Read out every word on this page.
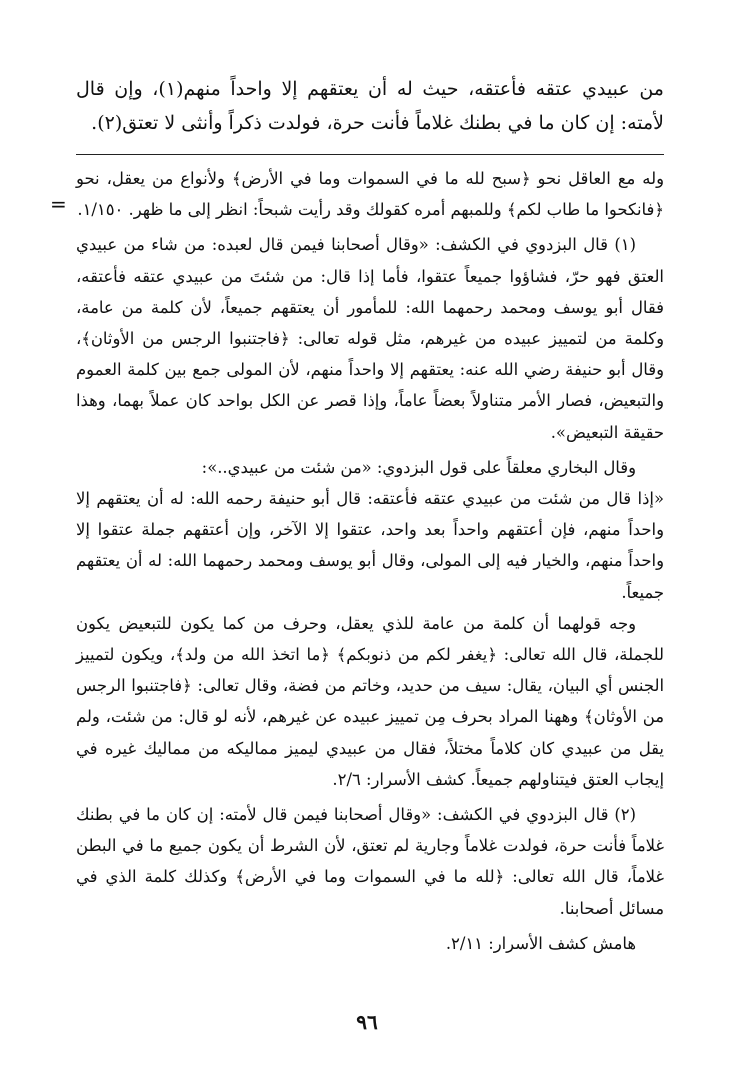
من عبيدي عتقه فأعتقه، حيث له أن يعتقهم إلا واحداً منهم(١)، وإن قال لأمته: إن كان ما في بطنك غلاماً فأنت حرة، فولدت ذكراً وأنثى لا تعتق(٢).

=

وله مع العاقل نحو ﴿سبح لله ما في السموات وما في الأرض﴾ ولأنواع من يعقل، نحو ﴿فانكحوا ما طاب لكم﴾ وللمبهم أمره كقولك وقد رأيت شبحاً: انظر إلى ما ظهر. ١/١٥٠.

(١) قال البزدوي في الكشف: «وقال أصحابنا فيمن قال لعبده: من شاء من عبيدي العتق فهو حرّ، فشاؤوا جميعاً عتقوا، فأما إذا قال: من شئتَ من عبيدي عتقه فأعتقه، فقال أبو يوسف ومحمد رحمهما الله: للمأمور أن يعتقهم جميعاً، لأن كلمة من عامة، وكلمة من لتمييز عبيده من غيرهم، مثل قوله تعالى: ﴿فاجتنبوا الرجس من الأوثان﴾، وقال أبو حنيفة رضي الله عنه: يعتقهم إلا واحداً منهم، لأن المولى جمع بين كلمة العموم والتبعيض، فصار الأمر متناولاً بعضاً عاماً، وإذا قصر عن الكل بواحد كان عملاً بهما، وهذا حقيقة التبعيض».

وقال البخاري معلقاً على قول البزدوي: «من شئت من عبيدي..»:

«إذا قال من شئت من عبيدي عتقه فأعتقه: قال أبو حنيفة رحمه الله: له أن يعتقهم إلا واحداً منهم، فإن أعتقهم واحداً بعد واحد، عتقوا إلا الآخر، وإن أعتقهم جملة عتقوا إلا واحداً منهم، والخيار فيه إلى المولى، وقال أبو يوسف ومحمد رحمهما الله: له أن يعتقهم جميعاً.

وجه قولهما أن كلمة من عامة للذي يعقل، وحرف من كما يكون للتبعيض يكون للجملة، قال الله تعالى: ﴿يغفر لكم من ذنوبكم﴾ ﴿ما اتخذ الله من ولد﴾، ويكون لتمييز الجنس أي البيان، يقال: سيف من حديد، وخاتم من فضة، وقال تعالى: ﴿فاجتنبوا الرجس من الأوثان﴾ وههنا المراد بحرف مِن تمييز عبيده عن غيرهم، لأنه لو قال: من شئت، ولم يقل من عبيدي كان كلاماً مختلاً، فقال من عبيدي ليميز مماليكه من مماليك غيره في إيجاب العتق فيتناولهم جميعاً. كشف الأسرار: ٢/٦.

(٢) قال البزدوي في الكشف: «وقال أصحابنا فيمن قال لأمته: إن كان ما في بطنك غلاماً فأنت حرة، فولدت غلاماً وجارية لم تعتق، لأن الشرط أن يكون جميع ما في البطن غلاماً، قال الله تعالى: ﴿لله ما في السموات وما في الأرض﴾ وكذلك كلمة الذي في مسائل أصحابنا.

هامش كشف الأسرار: ٢/١١.

٩٦
